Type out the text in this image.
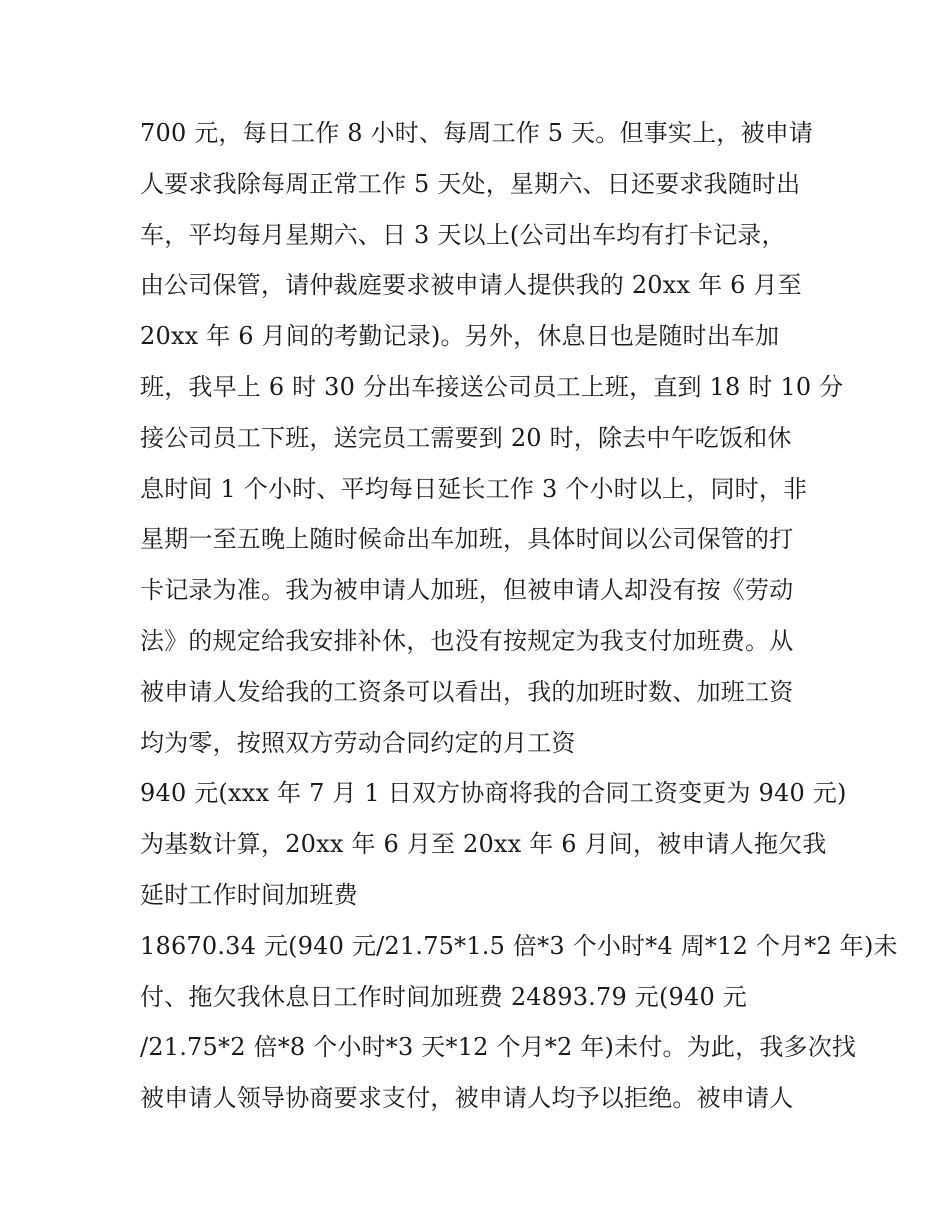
700 元，每日工作 8 小时、每周工作 5 天。但事实上，被申请
人要求我除每周正常工作 5 天处，星期六、日还要求我随时出
车，平均每月星期六、日 3 天以上(公司出车均有打卡记录，
由公司保管，请仲裁庭要求被申请人提供我的 20xx 年 6 月至
20xx 年 6 月间的考勤记录)。另外，休息日也是随时出车加
班，我早上 6 时 30 分出车接送公司员工上班，直到 18 时 10 分
接公司员工下班，送完员工需要到 20 时，除去中午吃饭和休
息时间 1 个小时、平均每日延长工作 3 个小时以上，同时，非
星期一至五晚上随时候命出车加班，具体时间以公司保管的打
卡记录为准。我为被申请人加班，但被申请人却没有按《劳动
法》的规定给我安排补休，也没有按规定为我支付加班费。从
被申请人发给我的工资条可以看出，我的加班时数、加班工资
均为零，按照双方劳动合同约定的月工资
940 元(xxx 年 7 月 1 日双方协商将我的合同工资变更为 940 元)
为基数计算，20xx 年 6 月至 20xx 年 6 月间，被申请人拖欠我
延时工作时间加班费
18670.34 元(940 元/21.75*1.5 倍*3 个小时*4 周*12 个月*2 年)未
付、拖欠我休息日工作时间加班费 24893.79 元(940 元
/21.75*2 倍*8 个小时*3 天*12 个月*2 年)未付。为此，我多次找
被申请人领导协商要求支付，被申请人均予以拒绝。被申请人
